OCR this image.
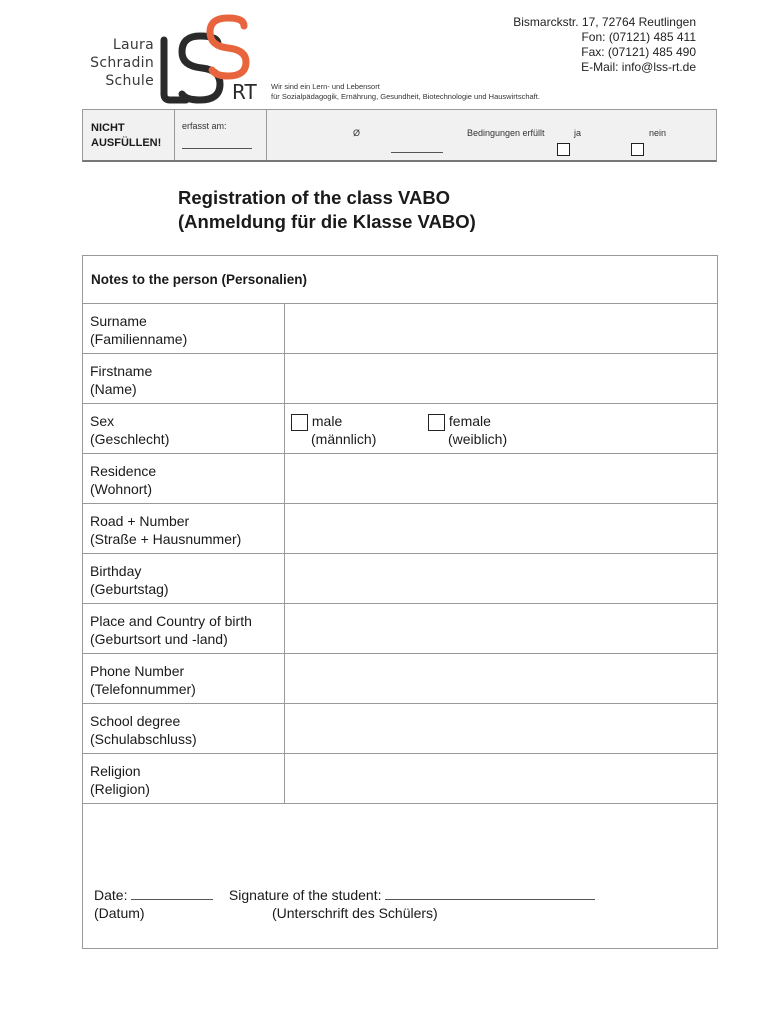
Laura
Schradin
Schule	RT Wir sind ein Lern- und Lebensort
für Sozialpädagogik, Ernährung, Gesundheit, Biotechnologie und Hauswirtschaft.
Bismarckstr. 17, 72764 Reutlingen
Fon: (07121) 485 411
Fax: (07121) 485 490
E-Mail: info@lss-rt.de
NICHT
AUSFÜLLEN!
erfasst am:
Ø	Bedingungen erfüllt	ja	nein
Registration of the class VABO
(Anmeldung für die Klasse VABO)
Notes to the person (Personalien)
Surname
(Familienname)
Firstname
(Name)
Sex
(Geschlecht)
male
(männlich)
female
(weiblich)
Residence
(Wohnort)
Road + Number
(Straße + Hausnummer)
Birthday
(Geburtstag)
Place and Country of birth
(Geburtsort und -land)
Phone Number
(Telefonnummer)
School degree
(Schulabschluss)
Religion
(Religion)
Date:	Signature of the student:
(Datum)	(Unterschrift des Schülers)
